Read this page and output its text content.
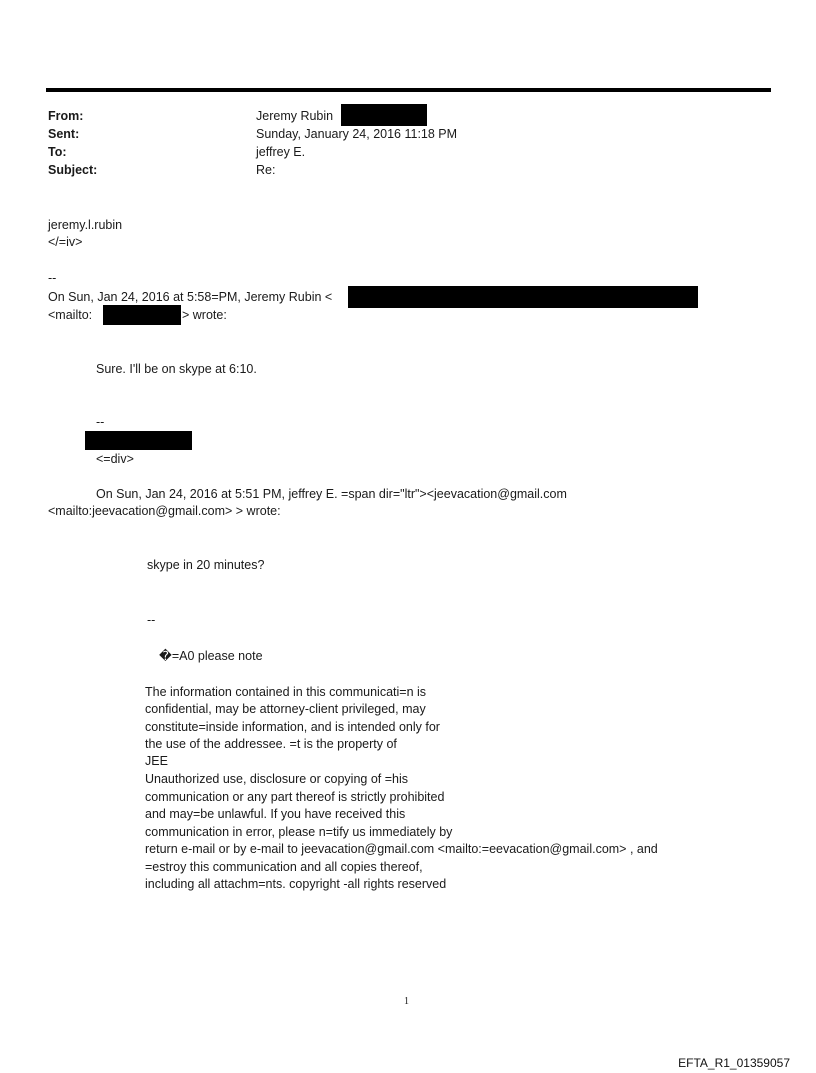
From:	Jeremy Rubin
Sent:	Sunday, January 24, 2016 11:18 PM
To:	jeffrey E.
Subject:	Re:
jeremy.l.rubin
</=iv>
--
On Sun, Jan 24, 2016 at 5:58=PM, Jeremy Rubin <
<mailto:	> wrote:
Sure. I'll be on skype at 6:10.
--
<=div>
On Sun, Jan 24, 2016 at 5:51 PM, jeffrey E. =span dir="ltr"><jeevacation@gmail.com
<mailto:jeevacation@gmail.com> > wrote:
skype in 20 minutes?
--
�=A0 please note
The information contained in this communicati=n is
confidential, may be attorney-client privileged, may
constitute=inside information, and is intended only for
the use of the addressee. =t is the property of
JEE
Unauthorized use, disclosure or copying of =his
communication or any part thereof is strictly prohibited
and may=be unlawful. If you have received this
communication in error, please n=tify us immediately by
return e-mail or by e-mail to jeevacation@gmail.com <mailto:=eevacation@gmail.com> , and
=estroy this communication and all copies thereof,
including all attachm=nts. copyright -all rights reserved
1
EFTA_R1_01359057
